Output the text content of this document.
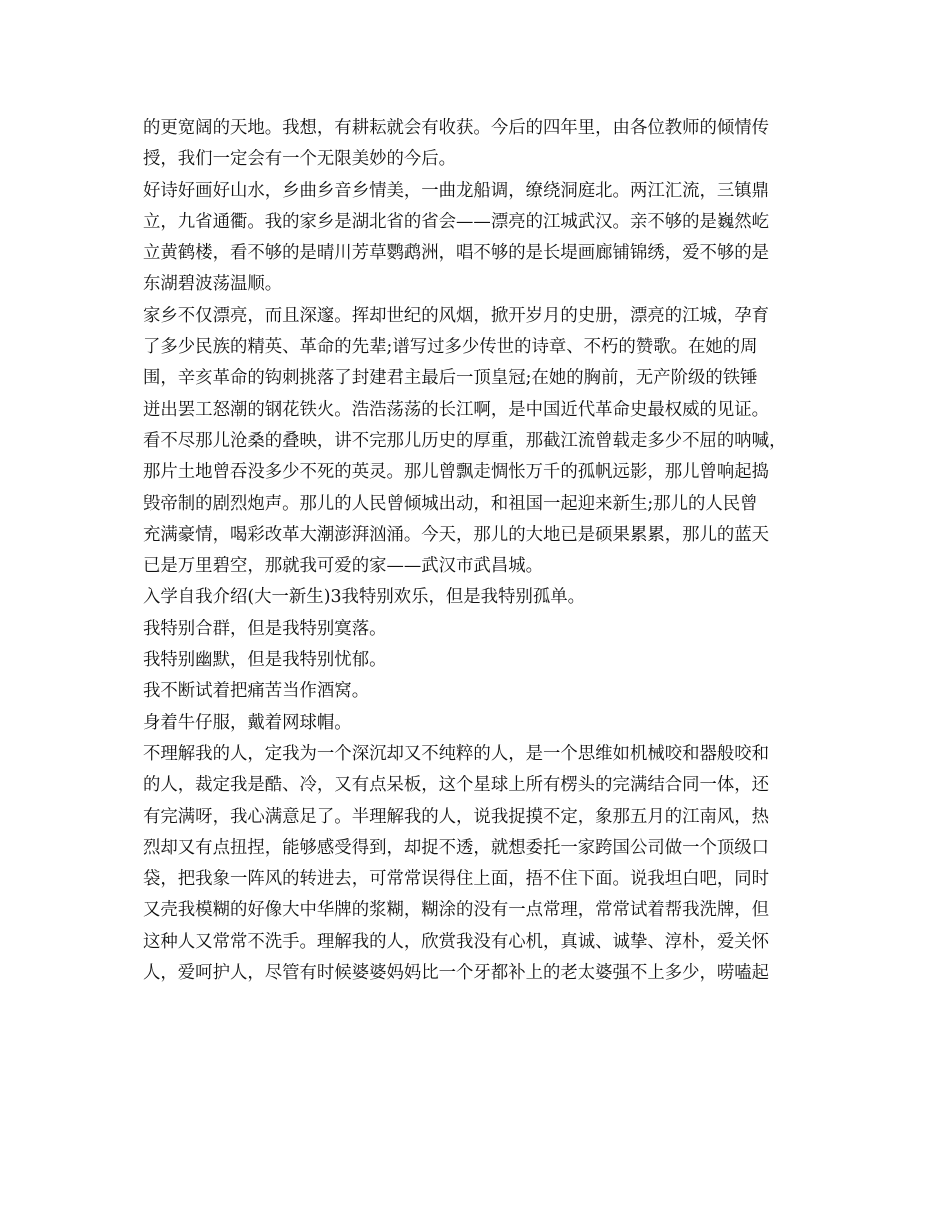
的更宽阔的天地。我想，有耕耘就会有收获。今后的四年里，由各位教师的倾情传
授，我们一定会有一个无限美妙的今后。
好诗好画好山水，乡曲乡音乡情美，一曲龙船调，缭绕洞庭北。两江汇流，三镇鼎
立，九省通衢。我的家乡是湖北省的省会——漂亮的江城武汉。亲不够的是巍然屹
立黄鹤楼，看不够的是晴川芳草鹦鹉洲，唱不够的是长堤画廊铺锦绣，爱不够的是
东湖碧波荡温顺。
家乡不仅漂亮，而且深邃。挥却世纪的风烟，掀开岁月的史册，漂亮的江城，孕育
了多少民族的精英、革命的先辈;谱写过多少传世的诗章、不朽的赞歌。在她的周
围，辛亥革命的钩刺挑落了封建君主最后一顶皇冠;在她的胸前，无产阶级的铁锤
迸出罢工怒潮的钢花铁火。浩浩荡荡的长江啊，是中国近代革命史最权威的见证。
看不尽那儿沧桑的叠映，讲不完那儿历史的厚重，那截江流曾载走多少不屈的呐喊，
那片土地曾吞没多少不死的英灵。那儿曾飘走惆怅万千的孤帆远影，那儿曾响起捣
毁帝制的剧烈炮声。那儿的人民曾倾城出动，和祖国一起迎来新生;那儿的人民曾
充满豪情，喝彩改革大潮澎湃汹涌。今天，那儿的大地已是硕果累累，那儿的蓝天
已是万里碧空，那就我可爱的家——武汉市武昌城。
入学自我介绍(大一新生)3我特别欢乐，但是我特别孤单。
我特别合群，但是我特别寞落。
我特别幽默，但是我特别忧郁。
我不断试着把痛苦当作酒窝。
身着牛仔服，戴着网球帽。
不理解我的人，定我为一个深沉却又不纯粹的人，是一个思维如机械咬和器般咬和
的人，裁定我是酷、冷，又有点呆板，这个星球上所有楞头的完满结合同一体，还
有完满呀，我心满意足了。半理解我的人，说我捉摸不定，象那五月的江南风，热
烈却又有点扭捏，能够感受得到，却捉不透，就想委托一家跨国公司做一个顶级口
袋，把我象一阵风的转进去，可常常误得住上面，捂不住下面。说我坦白吧，同时
又壳我模糊的好像大中华牌的浆糊，糊涂的没有一点常理，常常试着帮我洗牌，但
这种人又常常不洗手。理解我的人，欣赏我没有心机，真诚、诚挚、淳朴，爱关怀
人，爱呵护人，尽管有时候婆婆妈妈比一个牙都补上的老太婆强不上多少，唠嗑起
